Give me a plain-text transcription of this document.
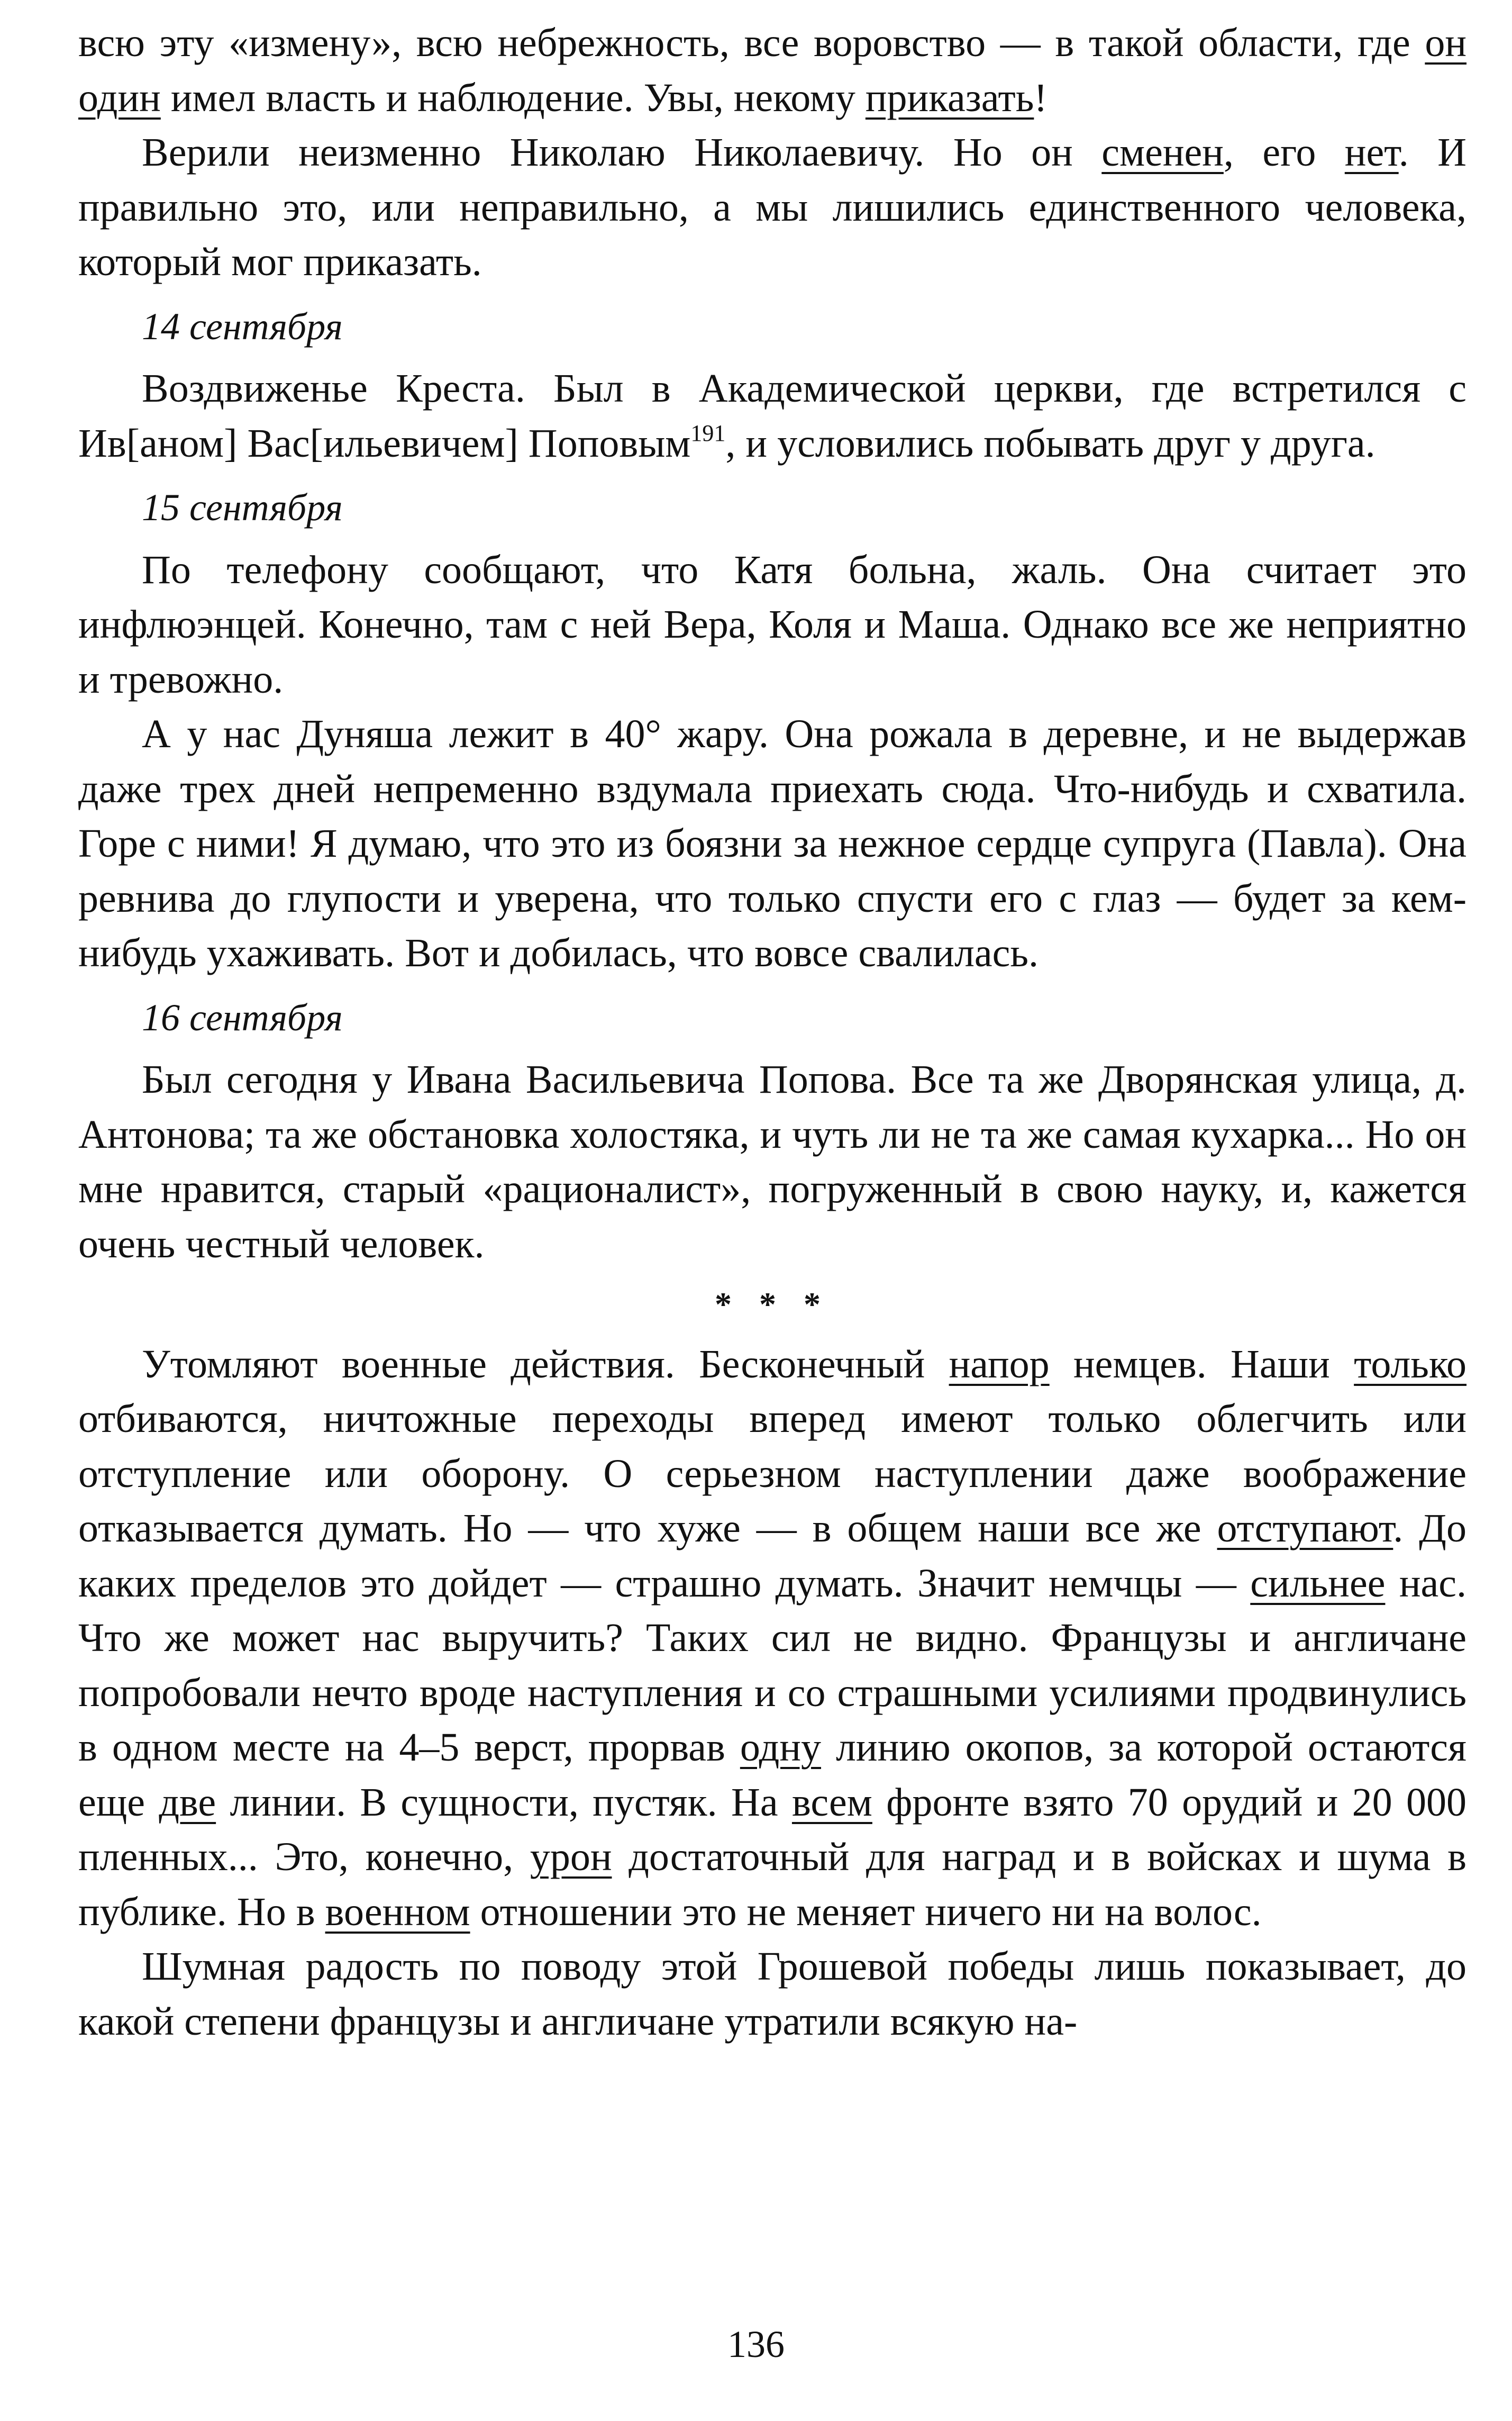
всю эту «измену», всю небрежность, все воровство — в такой области, где он один имел власть и наблюдение. Увы, некому приказать!

Верили неизменно Николаю Николаевичу. Но он сменен, его нет. И правильно это, или неправильно, а мы лишились единственного человека, который мог приказать.

14 сентября

Воздвиженье Креста. Был в Академической церкви, где встретился с Ив[аном] Вас[ильевичем] Поповым$^{191}$, и условились побывать друг у друга.

15 сентября

По телефону сообщают, что Катя больна, жаль. Она считает это инфлюэнцей. Конечно, там с ней Вера, Коля и Маша. Однако все же неприятно и тревожно.

А у нас Дуняша лежит в 40° жару. Она рожала в деревне, и не выдержав даже трех дней непременно вздумала приехать сюда. Что-нибудь и схватила. Горе с ними! Я думаю, что это из боязни за нежное сердце супруга (Павла). Она ревнива до глупости и уверена, что только спусти его с глаз — будет за кем-нибудь ухаживать. Вот и добилась, что вовсе свалилась.

16 сентября

Был сегодня у Ивана Васильевича Попова. Все та же Дворянская улица, д. Антонова; та же обстановка холостяка, и чуть ли не та же самая кухарка... Но он мне нравится, старый «рационалист», погруженный в свою науку, и, кажется очень честный человек.

* * *

Утомляют военные действия. Бесконечный напор немцев. Наши только отбиваются, ничтожные переходы вперед имеют только облегчить или отступление или оборону. О серьезном наступлении даже воображение отказывается думать. Но — что хуже — в общем наши все же отступают. До каких пределов это дойдет — страшно думать. Значит немчцы — сильнее нас. Что же может нас выручить? Таких сил не видно. Французы и англичане попробовали нечто вроде наступления и со страшными усилиями продвинулись в одном месте на 4–5 верст, прорвав одну линию окопов, за которой остаются еще две линии. В сущности, пустяк. На всем фронте взято 70 орудий и 20 000 пленных... Это, конечно, урон достаточный для наград и в войсках и шума в публике. Но в военном отношении это не меняет ничего ни на волос.

Шумная радость по поводу этой Грошевой победы лишь показывает, до какой степени французы и англичане утратили всякую на-

136
